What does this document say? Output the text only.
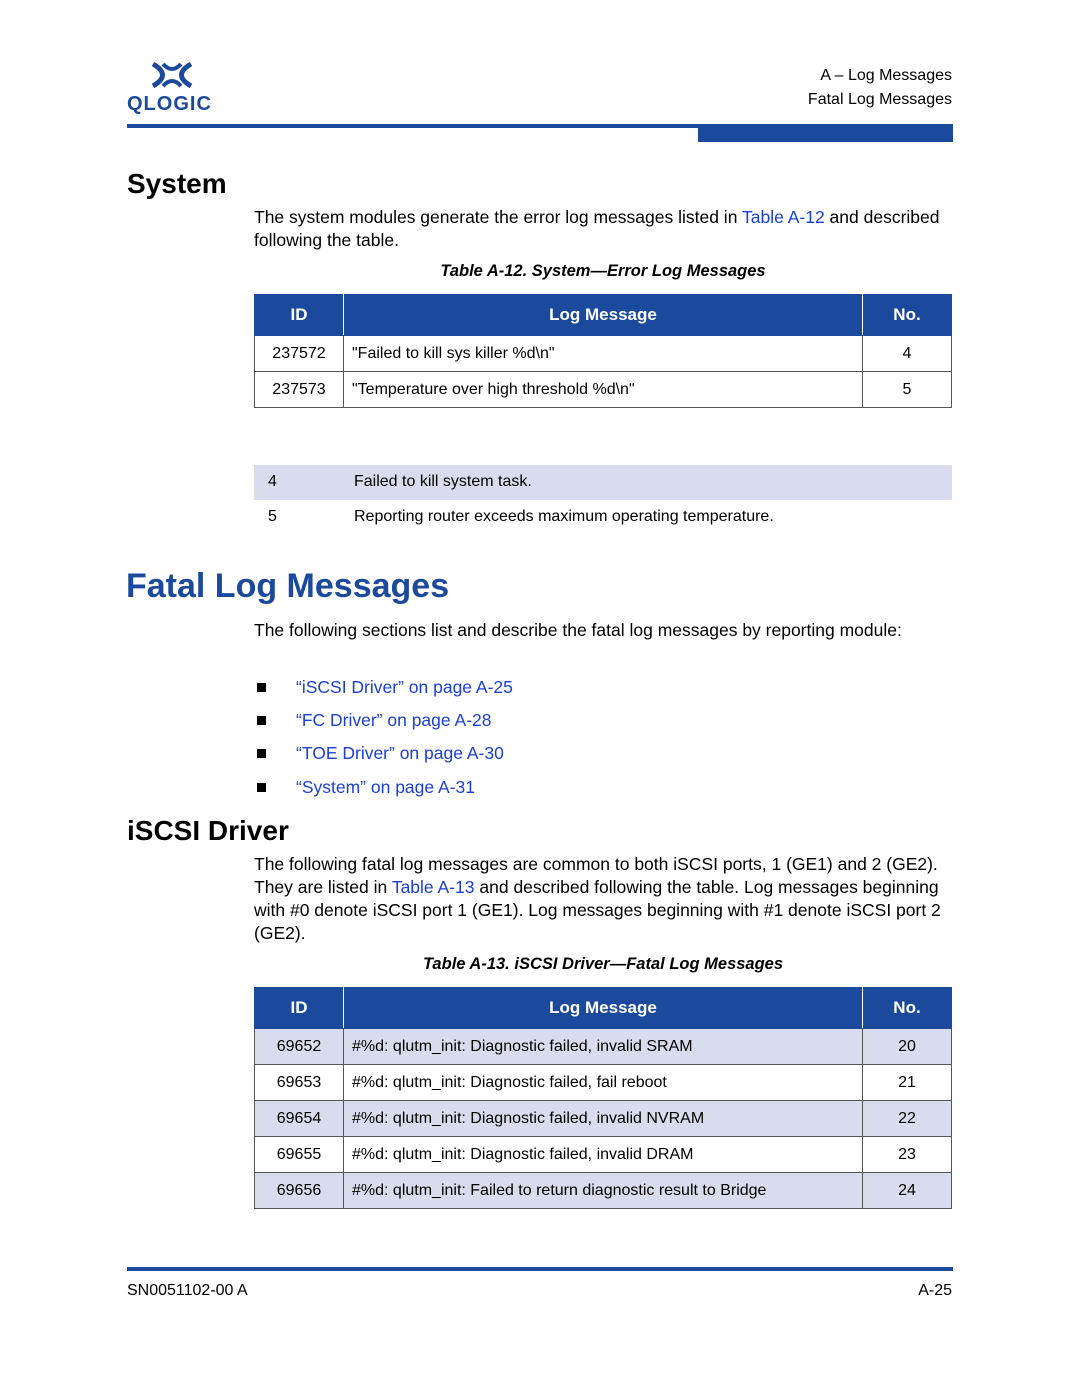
QLOGIC
A – Log Messages
Fatal Log Messages
System
The system modules generate the error log messages listed in Table A-12 and described following the table.
Table A-12. System—Error Log Messages
ID	Log Message	No.
237572	"Failed to kill sys killer %d\n"	4
237573	"Temperature over high threshold %d\n"	5
4	Failed to kill system task.
5	Reporting router exceeds maximum operating temperature.
Fatal Log Messages
The following sections list and describe the fatal log messages by reporting module:
“iSCSI Driver” on page A-25
“FC Driver” on page A-28
“TOE Driver” on page A-30
“System” on page A-31
iSCSI Driver
The following fatal log messages are common to both iSCSI ports, 1 (GE1) and 2 (GE2). They are listed in Table A-13 and described following the table. Log messages beginning with #0 denote iSCSI port 1 (GE1). Log messages beginning with #1 denote iSCSI port 2 (GE2).
Table A-13. iSCSI Driver—Fatal Log Messages
ID	Log Message	No.
69652	#%d: qlutm_init: Diagnostic failed, invalid SRAM	20
69653	#%d: qlutm_init: Diagnostic failed, fail reboot	21
69654	#%d: qlutm_init: Diagnostic failed, invalid NVRAM	22
69655	#%d: qlutm_init: Diagnostic failed, invalid DRAM	23
69656	#%d: qlutm_init: Failed to return diagnostic result to Bridge	24
SN0051102-00 A	A-25
